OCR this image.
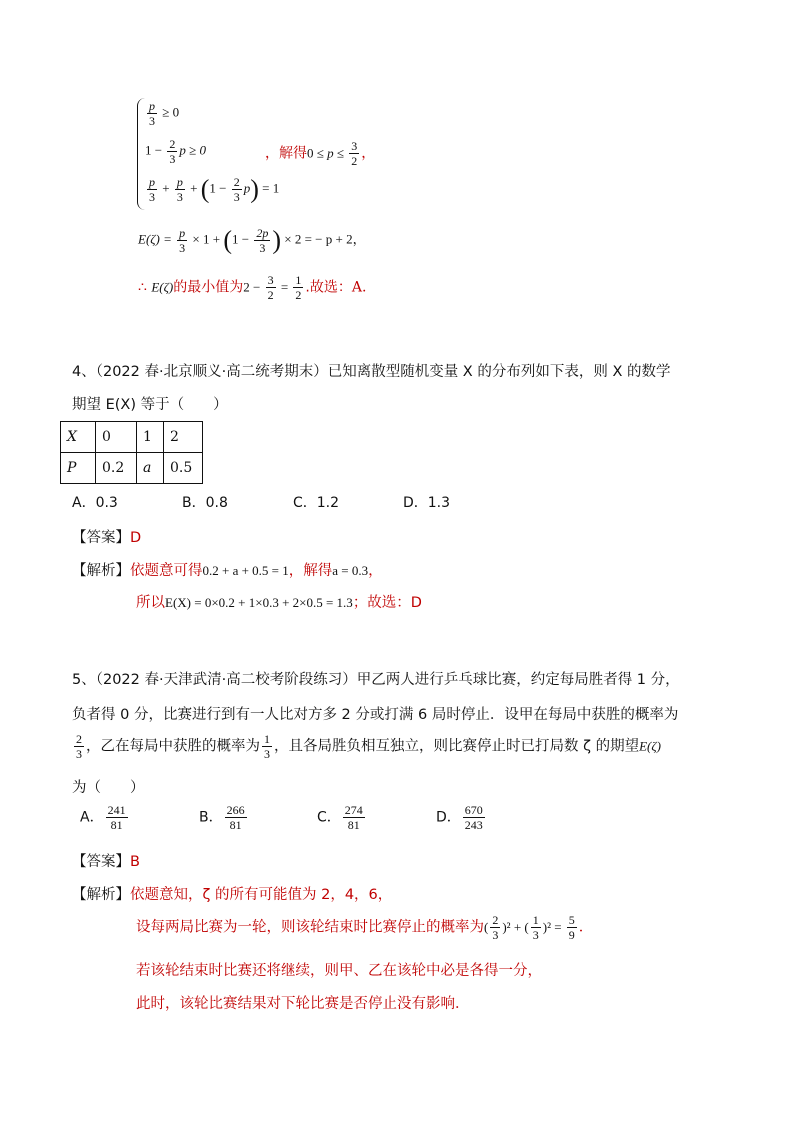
$\frac{p}{3} \ge 0$
$1 - \frac{2}{3}$ p ≥ 0
$\frac{p}{3} + \frac{p}{3} + (1 - \frac{2}{3} p) = 1$
，解得$0 \le p \le \frac{3}{2}$ ，
$E(\zeta) = \frac{p}{3} \times 1 + (1 - \frac{2p}{3}$ ) × 2 = − p + 2，
∴ E(ζ)的最小值为$2 - \frac{3}{2} = \frac{1}{2}$ .故选：A.
4、（2022 春·北京顺义·高二统考期末）已知离散型随机变量 X 的分布列如下表，则 X 的数学
期望 E(X) 等于（　　）
X	0	1	2
P	0.2	a	0.5
A．0.3	B．0.8	C．1.2	D．1.3
【答案】D
【解析】依题意可得0.2 + a + 0.5 = 1，解得a = 0.3，
所以E(X) = 0×0.2 + 1×0.3 + 2×0.5 = 1.3；故选：D
5、（2022 春·天津武清·高二校考阶段练习）甲乙两人进行乒乓球比赛，约定每局胜者得 1 分，
负者得 0 分，比赛进行到有一人比对方多 2 分或打满 6 局时停止．设甲在每局中获胜的概率为
$\frac{2}{3}$ ，乙在每局中获胜的概率为 $\frac{1}{3}$ ，且各局胜负相互独立，则比赛停止时已打局数 ζ 的期望E(ζ)
为（　　）
A． $\frac{241}{81}$	B． $\frac{266}{81}$	C． $\frac{274}{81}$	D． $\frac{670}{243}$
【答案】B
【解析】依题意知，ζ 的所有可能值为 2，4，6，
设每两局比赛为一轮，则该轮结束时比赛停止的概率为( $\frac{2}{3} )^2$ + ( $\frac{1}{3} )^2 = \frac{5}{9}$ ．
若该轮结束时比赛还将继续，则甲、乙在该轮中必是各得一分，
此时，该轮比赛结果对下轮比赛是否停止没有影响．
